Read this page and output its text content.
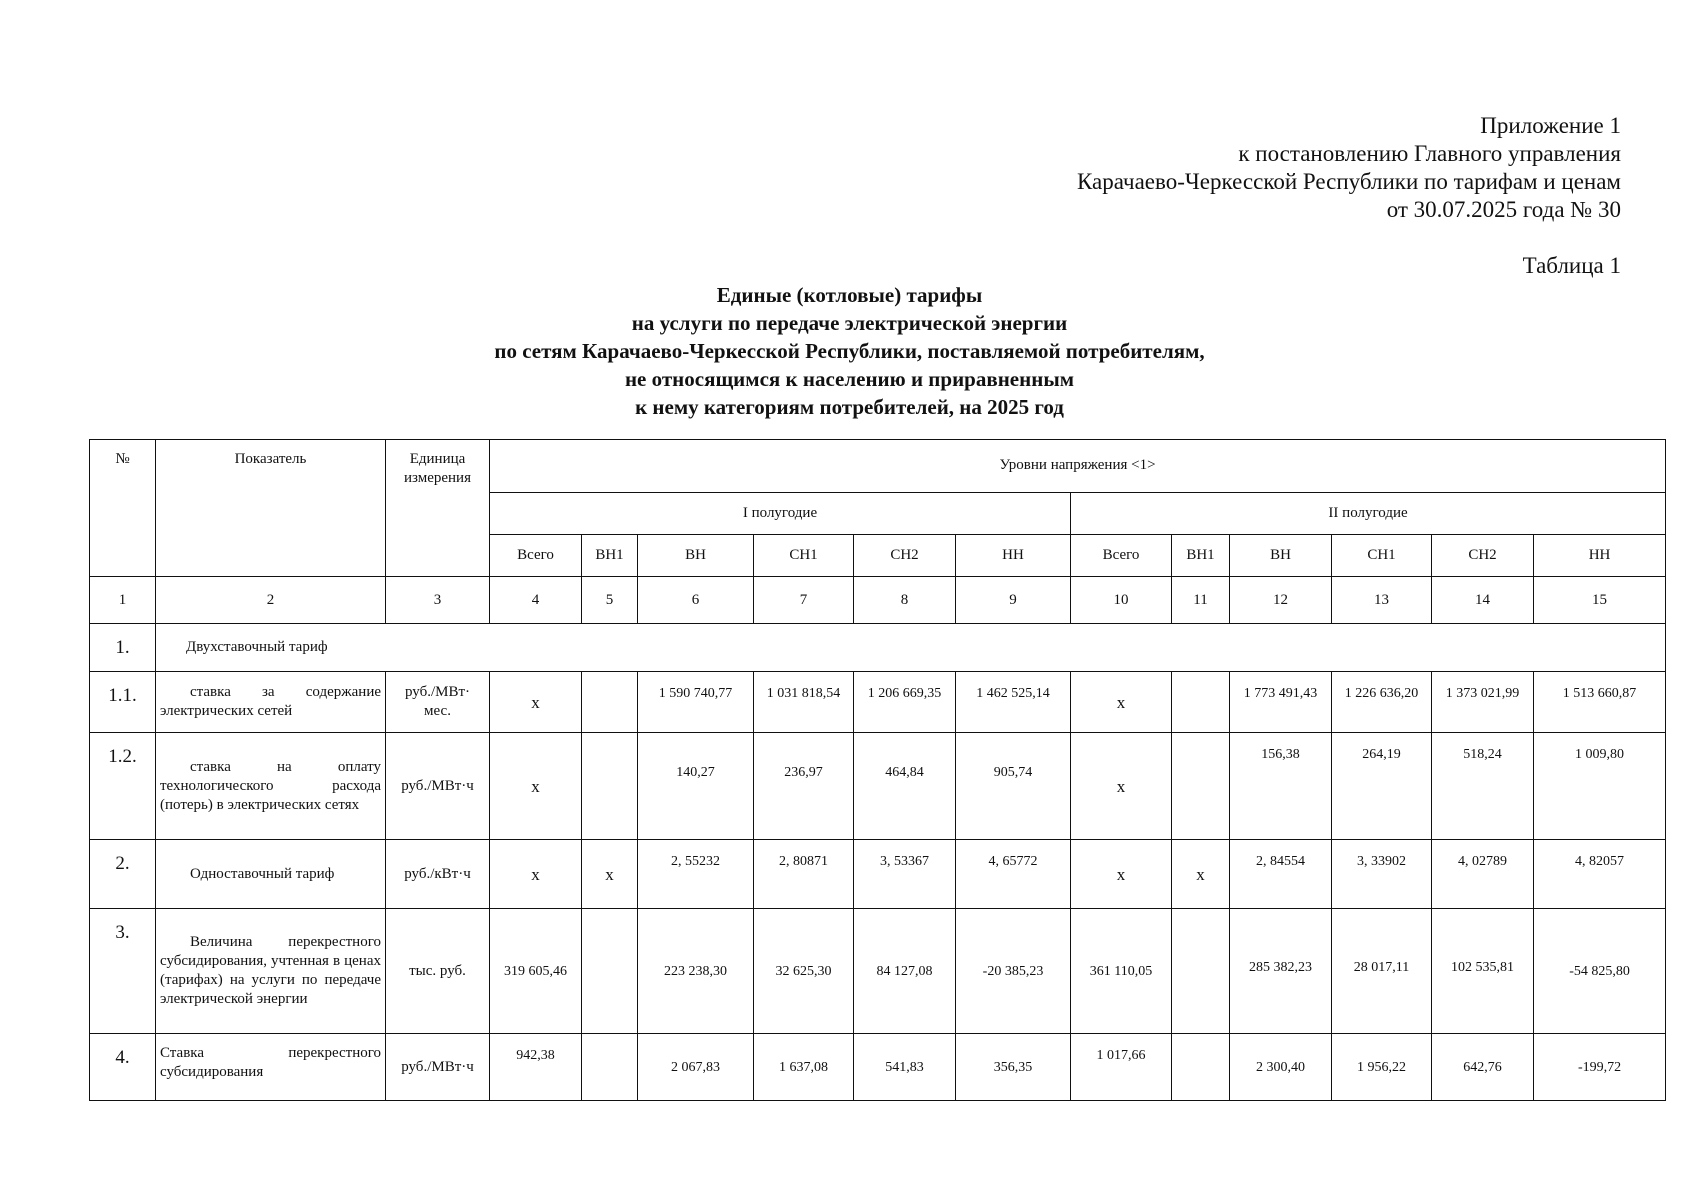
Приложение 1
к постановлению Главного управления
Карачаево-Черкесской Республики по тарифам и ценам
от 30.07.2025 года № 30
Таблица 1
Единые (котловые) тарифы
на услуги по передаче электрической энергии
по сетям Карачаево-Черкесской Республики, поставляемой потребителям,
не относящимся к населению и приравненным
к нему категориям потребителей, на 2025 год
№	Показатель	Единица измерения	Уровни напряжения <1>											
			I полугодие						II полугодие					
			Всего	ВН1	ВН	СН1	СН2	НН	Всего	ВН1	ВН	СН1	СН2	НН
1	2	3	4	5	6	7	8	9	10	11	12	13	14	15
1.	Двухставочный тариф													
1.1.	ставка за содержание электрических сетей	руб./МВт· мес.	х		1 590 740,77	1 031 818,54	1 206 669,35	1 462 525,14	х		1 773 491,43	1 226 636,20	1 373 021,99	1 513 660,87
1.2.	ставка на оплату технологического расхода (потерь) в электрических сетях	руб./МВт·ч	х		140,27	236,97	464,84	905,74	х		156,38	264,19	518,24	1 009,80
2.	Одноставочный тариф	руб./кВт·ч	х	х	2, 55232	2, 80871	3, 53367	4, 65772	х	х	2, 84554	3, 33902	4, 02789	4, 82057
3.	Величина перекрестного субсидирования, учтенная в ценах (тарифах) на услуги по передаче электрической энергии	тыс. руб.	319 605,46		223 238,30	32 625,30	84 127,08	-20 385,23	361 110,05		285 382,23	28 017,11	102 535,81	-54 825,80
4.	Ставка перекрестного субсидирования	руб./МВт·ч	942,38		2 067,83	1 637,08	541,83	356,35	1 017,66		2 300,40	1 956,22	642,76	-199,72
